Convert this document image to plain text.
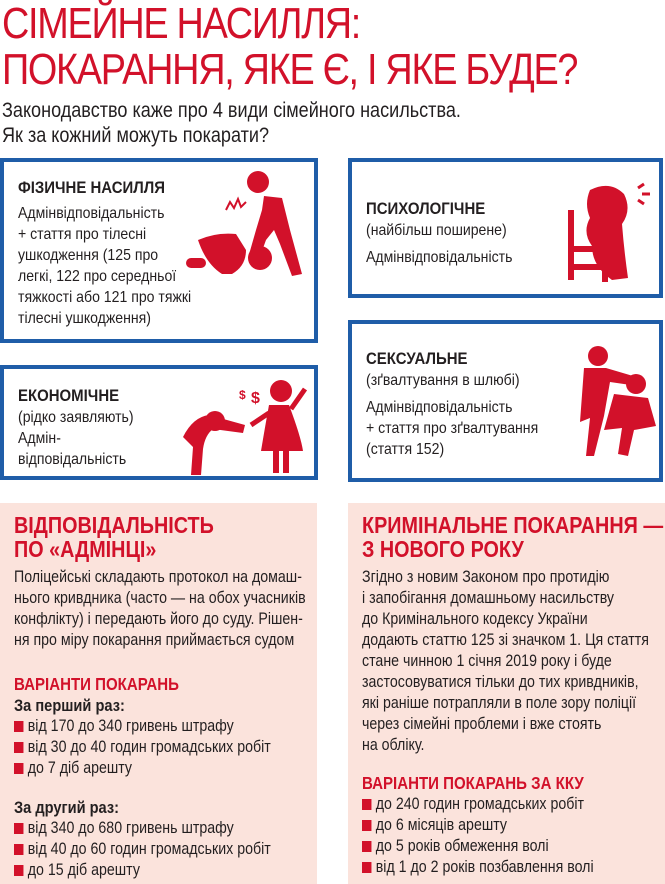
СІМЕЙНЕ НАСИЛЛЯ:
ПОКАРАННЯ, ЯКЕ Є, І ЯКЕ БУДЕ?
Законодавство каже про 4 види сімейного насильства.
Як за кожний можуть покарати?
ФІЗИЧНЕ НАСИЛЛЯ

Адмінвідповідальність

+ стаття про тілесні

ушкодження (125 про

легкі, 122 про середньої

тяжкості або 121 про тяжкі

тілесні ушкодження)

ПСИХОЛОГІЧНЕ

(найбільш поширене)

Адмінвідповідальність

ЕКОНОМІЧНЕ

(рідко заявляють)

Адмін-

відповідальність

$ $
СЕКСУАЛЬНЕ

(зґвалтування в шлюбі)

Адмінвідповідальність

+ стаття про зґвалтування

(стаття 152)

ВІДПОВІДАЛЬНІСТЬ
ПО «АДМІНЦІ»

Поліцейські складають протокол на домаш-

нього кривдника (часто — на обох учасників

конфлікту) і передають його до суду. Рішен-

ня про міру покарання приймається судом

ВАРІАНТИ ПОКАРАНЬ
За перший раз:
від 170 до 340 гривень штрафу
від 30 до 40 годин громадських робіт
до 7 діб арешту
За другий раз:
від 340 до 680 гривень штрафу
від 40 до 60 годин громадських робіт
до 15 діб арешту
КРИМІНАЛЬНЕ ПОКАРАННЯ —
З НОВОГО РОКУ

Згідно з новим Законом про протидію

і запобігання домашньому насильству

до Кримінального кодексу України

додають статтю 125 зі значком 1. Ця стаття

стане чинною 1 січня 2019 року і буде

застосовуватися тільки до тих кривдників,

які раніше потрапляли в поле зору поліції

через сімейні проблеми і вже стоять

на обліку.

ВАРІАНТИ ПОКАРАНЬ ЗА ККУ
до 240 годин громадських робіт
до 6 місяців арешту
до 5 років обмеження волі
від 1 до 2 років позбавлення волі
